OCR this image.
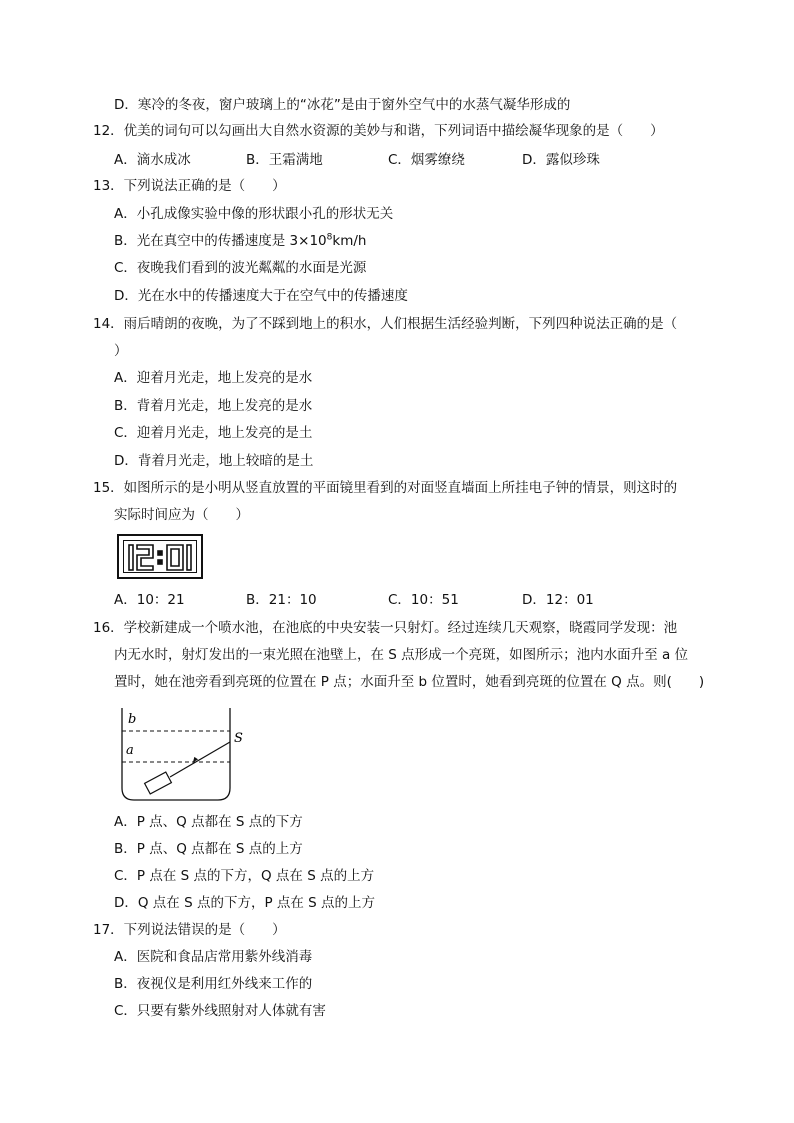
D．寒冷的冬夜，窗户玻璃上的“冰花”是由于窗外空气中的水蒸气凝华形成的
12．优美的词句可以勾画出大自然水资源的美妙与和谐，下列词语中描绘凝华现象的是（　　）
A．滴水成冰	B．王霜满地	C．烟雾缭绕	D．露似珍珠
13．下列说法正确的是（　　）
A．小孔成像实验中像的形状跟小孔的形状无关
B．光在真空中的传播速度是 $3\times 10^8km/h$
C．夜晚我们看到的波光粼粼的水面是光源
D．光在水中的传播速度大于在空气中的传播速度
14．雨后晴朗的夜晚，为了不踩到地上的积水，人们根据生活经验判断，下列四种说法正确的是（
）
A．迎着月光走，地上发亮的是水
B．背着月光走，地上发亮的是水
C．迎着月光走，地上发亮的是土
D．背着月光走，地上较暗的是土
15．如图所示的是小明从竖直放置的平面镜里看到的对面竖直墙面上所挂电子钟的情景，则这时的
实际时间应为（　　）
A．10：21	B．21：10	C．10：51	D．12：01
16．学校新建成一个喷水池，在池底的中央安装一只射灯。经过连续几天观察，晓霞同学发现：池
内无水时，射灯发出的一束光照在池壁上，在 S 点形成一个亮斑，如图所示；池内水面升至 a 位
置时，她在池旁看到亮斑的位置在 P 点；水面升至 b 位置时，她看到亮斑的位置在 Q 点。则(　　)
b
a
S
A．P 点、Q 点都在 S 点的下方
B．P 点、Q 点都在 S 点的上方
C．P 点在 S 点的下方，Q 点在 S 点的上方
D．Q 点在 S 点的下方，P 点在 S 点的上方
17．下列说法错误的是（　　）
A．医院和食品店常用紫外线消毒
B．夜视仪是利用红外线来工作的
C．只要有紫外线照射对人体就有害
